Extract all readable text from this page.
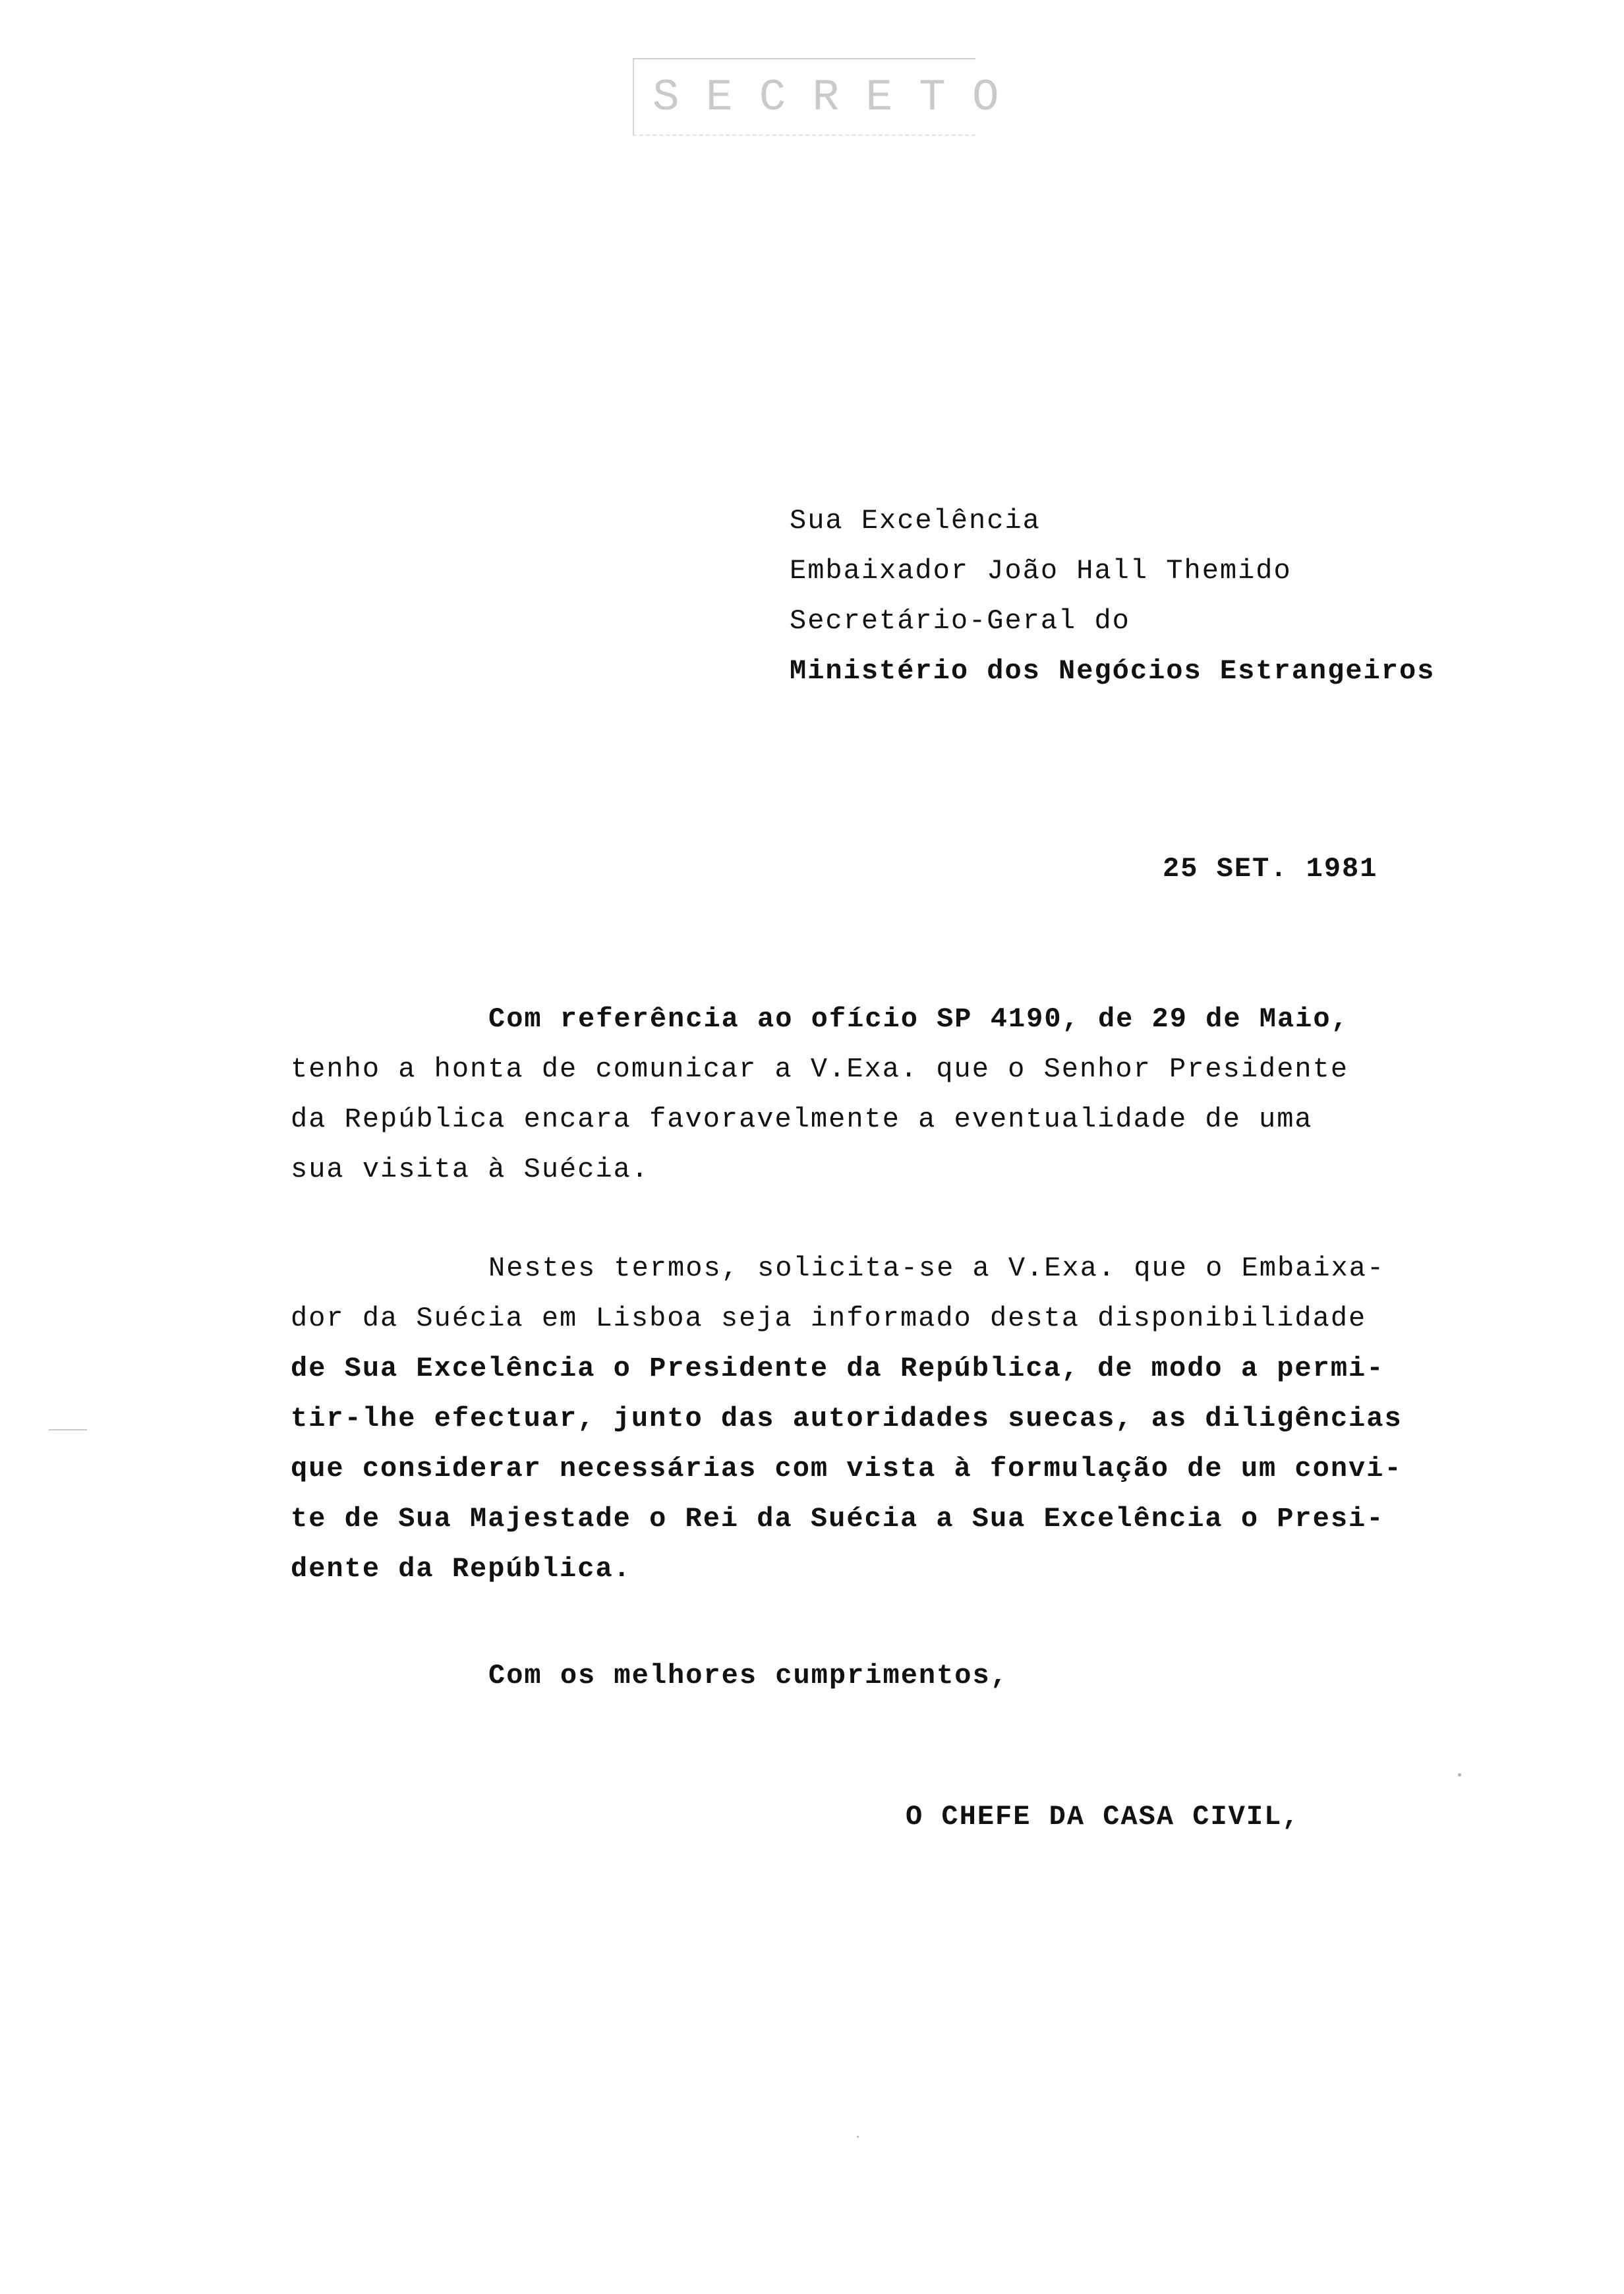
SECRETO
Sua Excelência
Embaixador João Hall Themido
Secretário-Geral do
Ministério dos Negócios Estrangeiros
25 SET. 1981
Com referência ao ofício SP 4190, de 29 de Maio,
tenho a honta de comunicar a V.Exa. que o Senhor Presidente
da República encara favoravelmente a eventualidade de uma
sua visita à Suécia.
Nestes termos, solicita-se a V.Exa. que o Embaixa-
dor da Suécia em Lisboa seja informado desta disponibilidade
de Sua Excelência o Presidente da República, de modo a permi-
tir-lhe efectuar, junto das autoridades suecas, as diligências
que considerar necessárias com vista à formulação de um convi-
te de Sua Majestade o Rei da Suécia a Sua Excelência o Presi-
dente da República.
Com os melhores cumprimentos,
O CHEFE DA CASA CIVIL,
